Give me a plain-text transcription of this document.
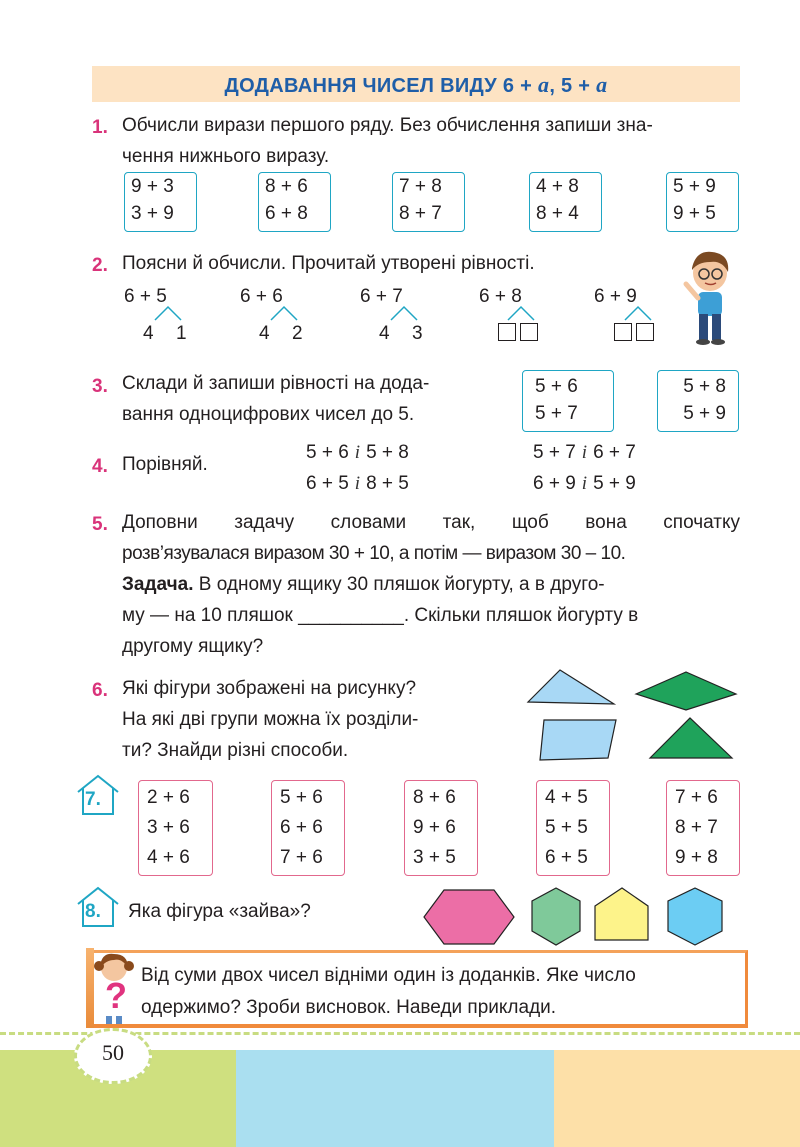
ДОДАВАННЯ ЧИСЕЛ ВИДУ 6 + a, 5 + a
1. Обчисли вирази першого ряду. Без обчислення запиши зна-
чення нижнього виразу.
9 + 3
3 + 9
8 + 6
6 + 8
7 + 8
8 + 7
4 + 8
8 + 4
5 + 9
9 + 5
2. Поясни й обчисли. Прочитай утворені рівності.
6 + 5	6 + 6	6 + 7	6 + 8	6 + 9
4 1	4 2	4 3
3. Склади й запиши рівності на дода-
вання одноцифрових чисел до 5.
5 + 6
5 + 7
5 + 8
5 + 9
4. Порівняй.
5 + 6 і 5 + 8
6 + 5 і 8 + 5
5 + 7 і 6 + 7
6 + 9 і 5 + 9
5. Доповни задачу словами так, щоб вона спочатку
розв’язувалася виразом 30 + 10, а потім — виразом 30 – 10.
Задача. В одному ящику 30 пляшок йогурту, а в друго-
му — на 10 пляшок __________. Скільки пляшок йогурту в
другому ящику?
6. Які фігури зображені на рисунку?
На які дві групи можна їх розділи-
ти? Знайди різні способи.
7. 2 + 6
3 + 6
4 + 6
5 + 6
6 + 6
7 + 6
8 + 6
9 + 6
3 + 5
4 + 5
5 + 5
6 + 5
7 + 6
8 + 7
9 + 8
8. Яка фігура «зайва»?
? Від суми двох чисел відніми один із доданків. Яке число
одержимо? Зроби висновок. Наведи приклади.
50
